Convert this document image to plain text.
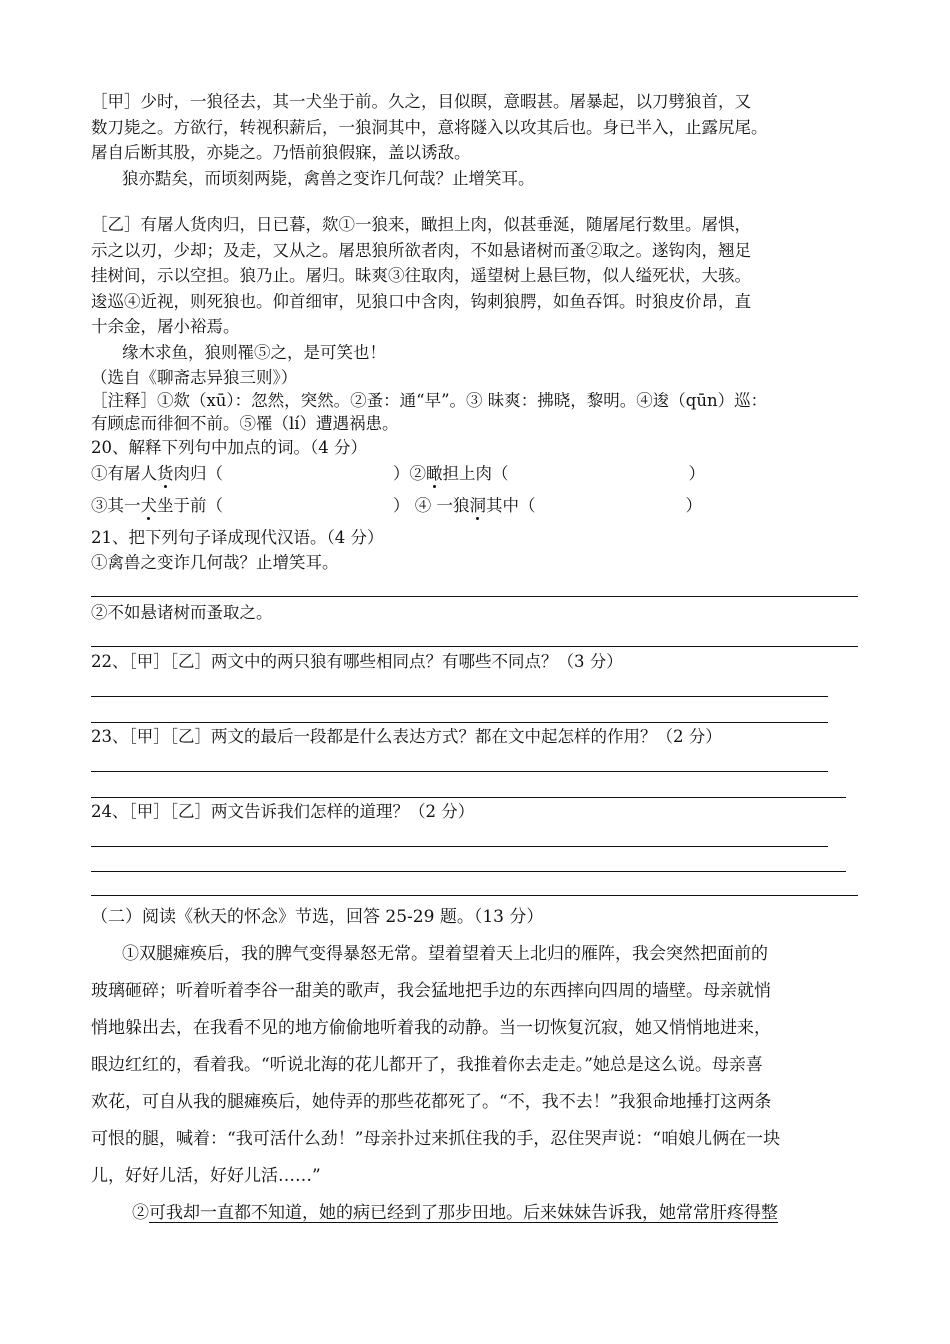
［甲］少时，一狼径去，其一犬坐于前。久之，目似瞑，意暇甚。屠暴起，以刀劈狼首，又
数刀毙之。方欲行，转视积薪后，一狼洞其中，意将隧入以攻其后也。身已半入，止露尻尾。
屠自后断其股，亦毙之。乃悟前狼假寐，盖以诱敌。
狼亦黠矣，而顷刻两毙，禽兽之变诈几何哉？止增笑耳。
［乙］有屠人货肉归，日已暮，欻①一狼来，瞰担上肉，似甚垂涎，随屠尾行数里。屠惧，
示之以刃，少却；及走，又从之。屠思狼所欲者肉，不如悬诸树而蚤②取之。遂钩肉，翘足
挂树间，示以空担。狼乃止。屠归。昧爽③往取肉，遥望树上悬巨物，似人缢死状，大骇。
逡巡④近视，则死狼也。仰首细审，见狼口中含肉，钩刺狼腭，如鱼吞饵。时狼皮价昂，直
十余金，屠小裕焉。
缘木求鱼，狼则罹⑤之，是可笑也！
（选自《聊斋志异狼三则》）
［注释］①欻（xū）：忽然，突然。②蚤：通“早”。③ 昧爽：拂晓，黎明。④逡（qūn）巡：
有顾虑而徘徊不前。⑤罹（lí）遭遇祸患。
20、解释下列句中加点的词。（4 分）
①有屠人货肉归（	）②瞰担上肉（	）
③其一犬坐于前（	） ④ 一狼洞其中（	）
21、把下列句子译成现代汉语。（4 分）
①禽兽之变诈几何哉？止增笑耳。
②不如悬诸树而蚤取之。
22、［甲］［乙］两文中的两只狼有哪些相同点？有哪些不同点？（3 分）
23、［甲］［乙］两文的最后一段都是什么表达方式？都在文中起怎样的作用？（2 分）
24、［甲］［乙］两文告诉我们怎样的道理？（2 分）
（二）阅读《秋天的怀念》节选，回答 25-29 题。（13 分）
①双腿瘫痪后，我的脾气变得暴怒无常。望着望着天上北归的雁阵，我会突然把面前的
玻璃砸碎；听着听着李谷一甜美的歌声，我会猛地把手边的东西摔向四周的墙壁。母亲就悄
悄地躲出去，在我看不见的地方偷偷地听着我的动静。当一切恢复沉寂，她又悄悄地进来，
眼边红红的，看着我。“听说北海的花儿都开了，我推着你去走走。”她总是这么说。母亲喜
欢花，可自从我的腿瘫痪后，她侍弄的那些花都死了。“不，我不去！”我狠命地捶打这两条
可恨的腿，喊着：“我可活什么劲！”母亲扑过来抓住我的手，忍住哭声说：“咱娘儿俩在一块
儿，好好儿活，好好儿活……”
②可我却一直都不知道，她的病已经到了那步田地。后来妹妹告诉我，她常常肝疼得整
